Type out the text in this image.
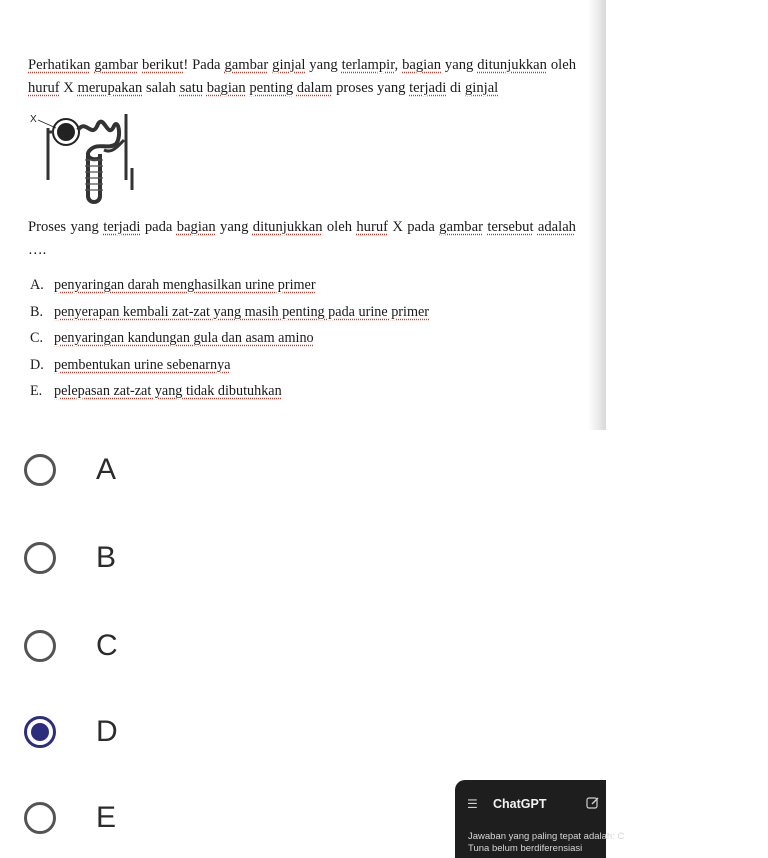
Perhatikan gambar berikut! Pada gambar ginjal yang terlampir, bagian yang ditunjukkan oleh huruf X merupakan salah satu bagian penting dalam proses yang terjadi di ginjal

X

Proses yang terjadi pada bagian yang ditunjukkan oleh huruf X pada gambar tersebut adalah ….

A. penyaringan darah menghasilkan urine primer
B. penyerapan kembali zat-zat yang masih penting pada urine primer
C. penyaringan kandungan gula dan asam amino
D. pembentukan urine sebenarnya
E. pelepasan zat-zat yang tidak dibutuhkan
A
B
C
D
E	☰ ChatGPT
Jawaban yang paling tepat adalah: C
Tuna belum berdiferensiasi
